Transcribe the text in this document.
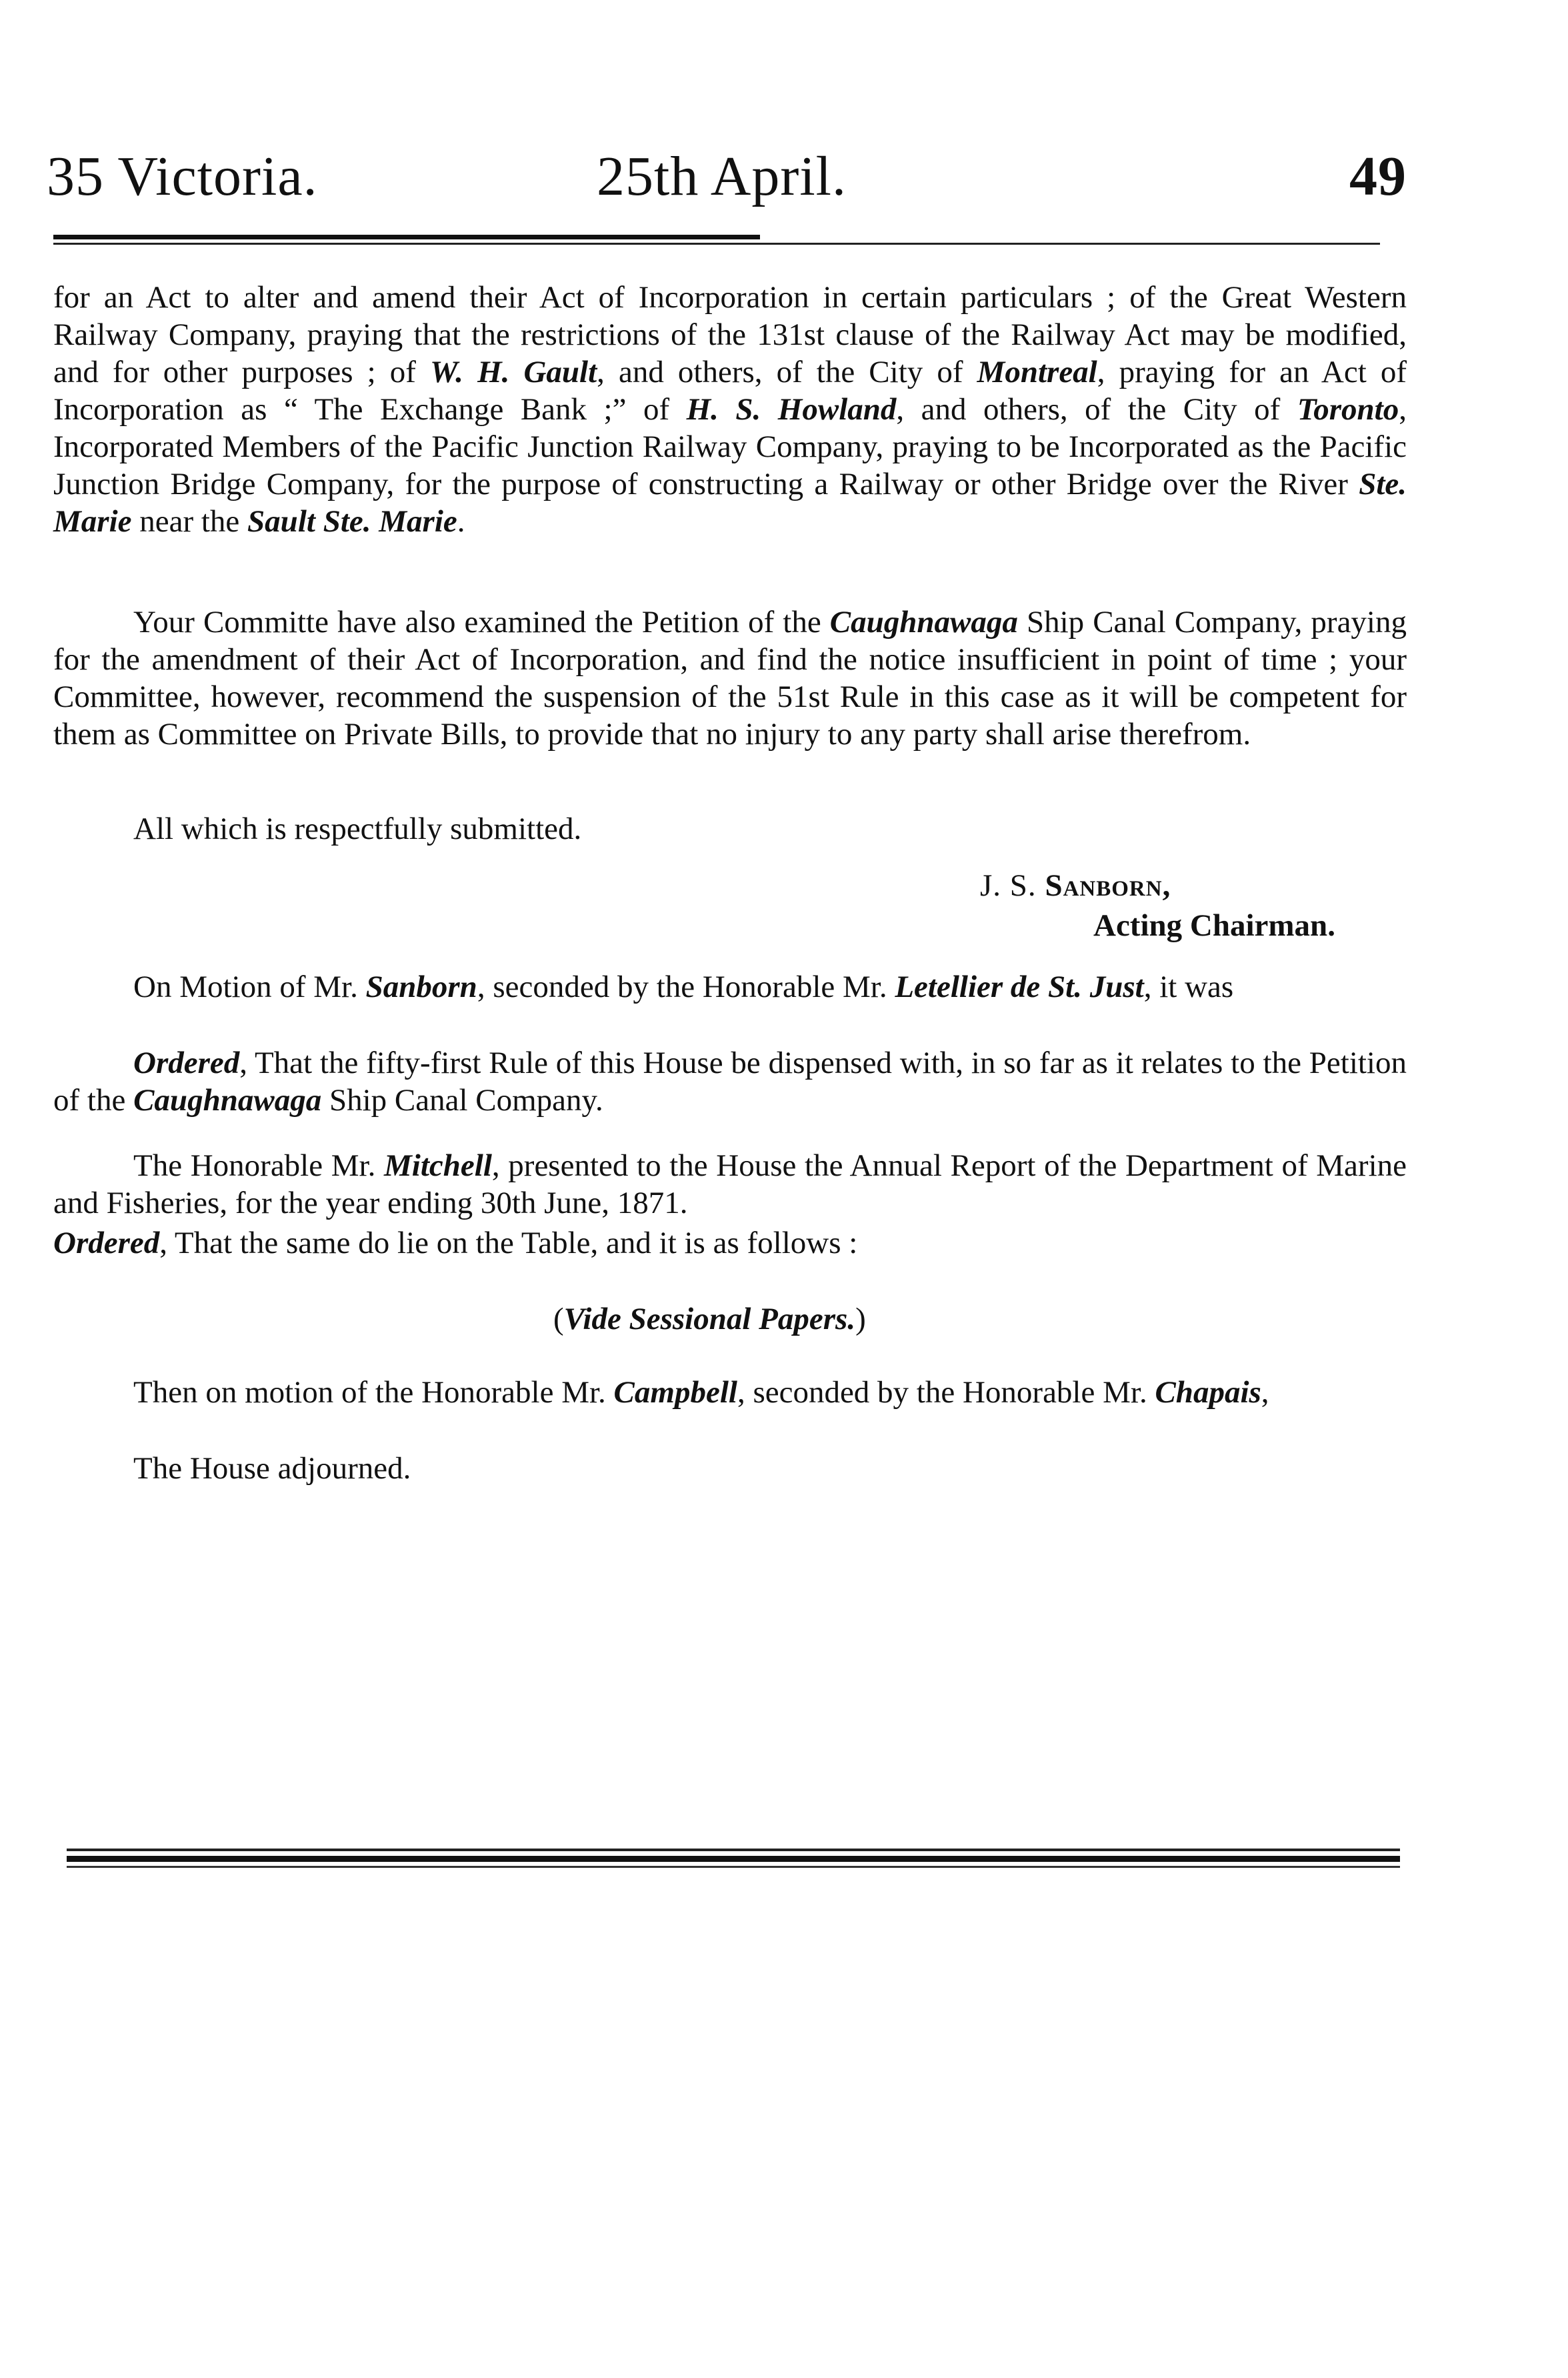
35 Victoria.	25th April.	49
for an Act to alter and amend their Act of Incorporation in certain particulars ; of the Great Western Railway Company, praying that the restrictions of the 131st clause of the Railway Act may be modified, and for other purposes ; of W. H. Gault, and others, of the City of Montreal, praying for an Act of Incorporation as “ The Exchange Bank ;” of H. S. Howland, and others, of the City of Toronto, Incorporated Members of the Pacific Junction Railway Company, praying to be Incorporated as the Pacific Junction Bridge Company, for the purpose of constructing a Railway or other Bridge over the River Ste. Marie near the Sault Ste. Marie.
Your Committe have also examined the Petition of the Caughnawaga Ship Canal Company, praying for the amendment of their Act of Incorporation, and find the notice insufficient in point of time ; your Committee, however, recommend the suspension of the 51st Rule in this case as it will be competent for them as Committee on Private Bills, to provide that no injury to any party shall arise therefrom.
All which is respectfully submitted.
J. S. Sanborn,
Acting Chairman.
On Motion of Mr. Sanborn, seconded by the Honorable Mr. Letellier de St. Just, it was
Ordered, That the fifty-first Rule of this House be dispensed with, in so far as it relates to the Petition of the Caughnawaga Ship Canal Company.
The Honorable Mr. Mitchell, presented to the House the Annual Report of the Department of Marine and Fisheries, for the year ending 30th June, 1871.
Ordered, That the same do lie on the Table, and it is as follows :
(Vide Sessional Papers.)
Then on motion of the Honorable Mr. Campbell, seconded by the Honorable Mr. Chapais,
The House adjourned.
